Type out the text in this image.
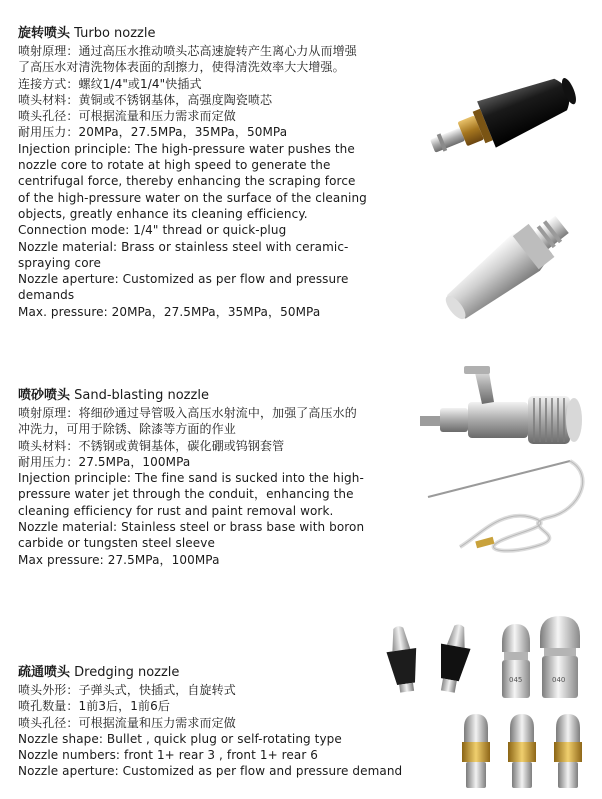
旋转喷头 Turbo nozzle
喷射原理：通过高压水推动喷头芯高速旋转产生离心力从而增强
了高压水对清洗物体表面的刮擦力，使得清洗效率大大增强。
连接方式：螺纹1/4"或1/4"快插式
喷头材料：黄铜或不锈钢基体，高强度陶瓷喷芯
喷头孔径：可根据流量和压力需求而定做
耐用压力：20MPa，27.5MPa，35MPa，50MPa
Injection principle: The high-pressure water pushes the
nozzle core to rotate at high speed to generate the
centrifugal force, thereby enhancing the scraping force
of the high-pressure water on the surface of the cleaning
objects, greatly enhance its cleaning efficiency.
Connection mode: 1/4" thread or quick-plug
Nozzle material: Brass or stainless steel with ceramic-
spraying core
Nozzle aperture: Customized as per flow and pressure
demands
Max. pressure: 20MPa，27.5MPa，35MPa，50MPa
喷砂喷头 Sand-blasting nozzle
喷射原理：将细砂通过导管吸入高压水射流中，加强了高压水的
冲洗力，可用于除锈、除漆等方面的作业
喷头材料：不锈钢或黄铜基体，碳化硼或钨钢套管
耐用压力：27.5MPa，100MPa
Injection principle: The fine sand is sucked into the high-
pressure water jet through the conduit，enhancing the
cleaning efficiency for rust and paint removal work.
Nozzle material: Stainless steel or brass base with boron
carbide or tungsten steel sleeve
Max pressure: 27.5MPa，100MPa
疏通喷头 Dredging nozzle
喷头外形：子弹头式，快插式，自旋转式
喷孔数量：1前3后，1前6后
喷头孔径：可根据流量和压力需求而定做
Nozzle shape: Bullet , quick plug or self-rotating type
Nozzle numbers: front 1+ rear 3 , front 1+ rear 6
Nozzle aperture: Customized as per flow and pressure demand
045	040
